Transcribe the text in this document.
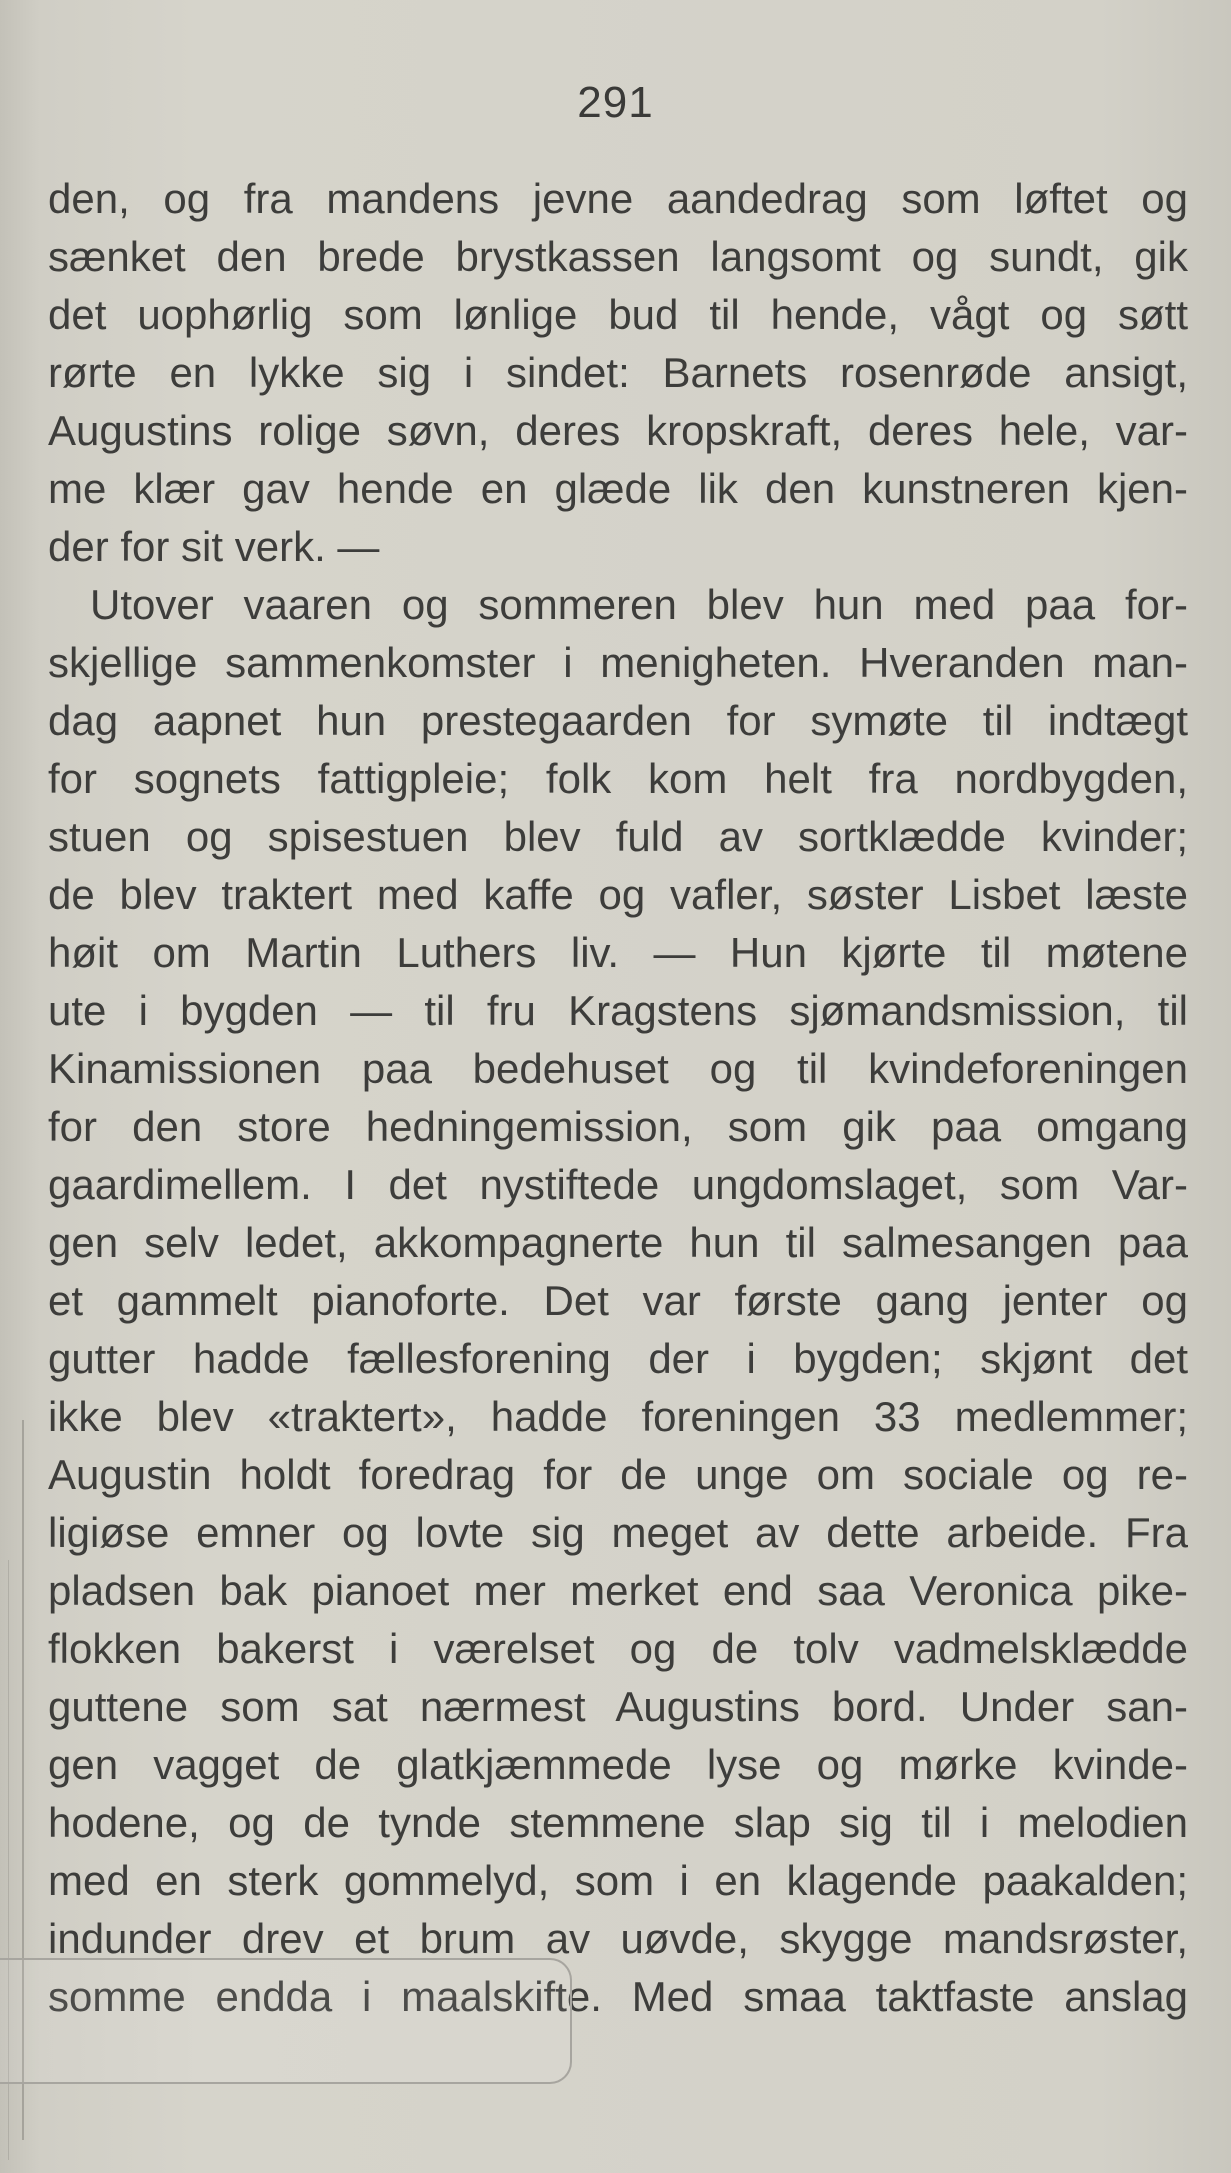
291
den, og fra mandens jevne aandedrag som løftet og
sænket den brede brystkassen langsomt og sundt, gik
det uophørlig som lønlige bud til hende, vågt og søtt
rørte en lykke sig i sindet: Barnets rosenrøde ansigt,
Augustins rolige søvn, deres kropskraft, deres hele, var-
me klær gav hende en glæde lik den kunstneren kjen-
der for sit verk. —
Utover vaaren og sommeren blev hun med paa for-
skjellige sammenkomster i menigheten. Hveranden man-
dag aapnet hun prestegaarden for symøte til indtægt
for sognets fattigpleie; folk kom helt fra nordbygden,
stuen og spisestuen blev fuld av sortklædde kvinder;
de blev traktert med kaffe og vafler, søster Lisbet læste
høit om Martin Luthers liv. — Hun kjørte til møtene
ute i bygden — til fru Kragstens sjømandsmission, til
Kinamissionen paa bedehuset og til kvindeforeningen
for den store hedningemission, som gik paa omgang
gaardimellem. I det nystiftede ungdomslaget, som Var-
gen selv ledet, akkompagnerte hun til salmesangen paa
et gammelt pianoforte. Det var første gang jenter og
gutter hadde fællesforening der i bygden; skjønt det
ikke blev «traktert», hadde foreningen 33 medlemmer;
Augustin holdt foredrag for de unge om sociale og re-
ligiøse emner og lovte sig meget av dette arbeide. Fra
pladsen bak pianoet mer merket end saa Veronica pike-
flokken bakerst i værelset og de tolv vadmelsklædde
guttene som sat nærmest Augustins bord. Under san-
gen vagget de glatkjæmmede lyse og mørke kvinde-
hodene, og de tynde stemmene slap sig til i melodien
med en sterk gommelyd, som i en klagende paakalden;
indunder drev et brum av uøvde, skygge mandsrøster,
somme endda i maalskifte. Med smaa taktfaste anslag
